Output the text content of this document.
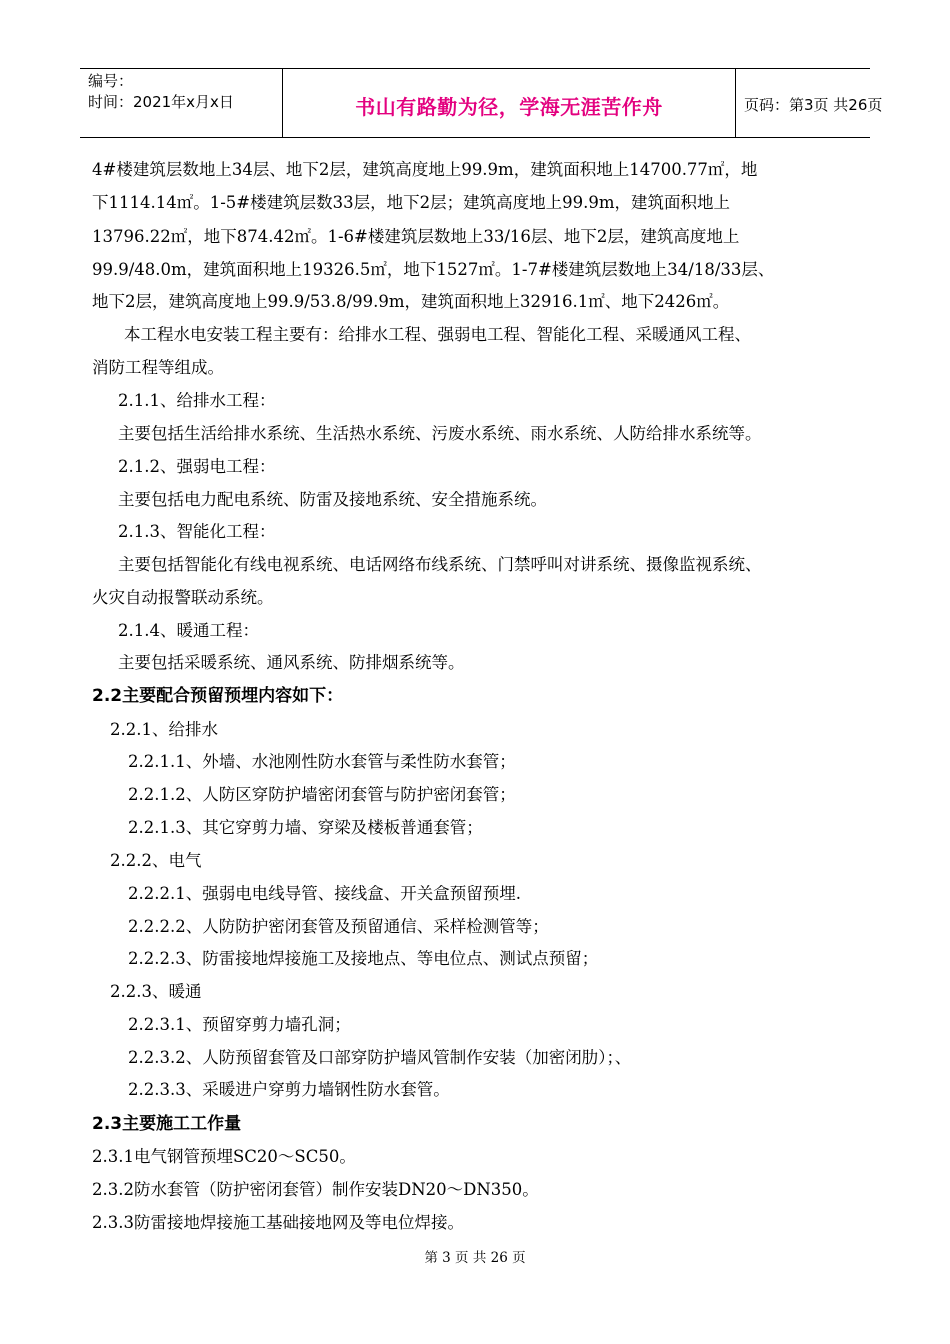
编号：
时间：2021年x月x日	书山有路勤为径，学海无涯苦作舟	页码：第3页 共26页
4#楼建筑层数地上34层、地下2层，建筑高度地上99.9m，建筑面积地上14700.77㎡，地
下1114.14㎡。1-5#楼建筑层数33层，地下2层；建筑高度地上99.9m，建筑面积地上
13796.22㎡，地下874.42㎡。1-6#楼建筑层数地上33/16层、地下2层，建筑高度地上
99.9/48.0m，建筑面积地上19326.5㎡，地下1527㎡。1-7#楼建筑层数地上34/18/33层、
地下2层，建筑高度地上99.9/53.8/99.9m，建筑面积地上32916.1㎡、地下2426㎡。
本工程水电安装工程主要有：给排水工程、强弱电工程、智能化工程、采暖通风工程、
消防工程等组成。
2.1.1、给排水工程：
主要包括生活给排水系统、生活热水系统、污废水系统、雨水系统、人防给排水系统等。
2.1.2、强弱电工程：
主要包括电力配电系统、防雷及接地系统、安全措施系统。
2.1.3、智能化工程：
主要包括智能化有线电视系统、电话网络布线系统、门禁呼叫对讲系统、摄像监视系统、
火灾自动报警联动系统。
2.1.4、暖通工程：
主要包括采暖系统、通风系统、防排烟系统等。
2.2主要配合预留预埋内容如下：
2.2.1、给排水
2.2.1.1、外墙、水池刚性防水套管与柔性防水套管；
2.2.1.2、人防区穿防护墙密闭套管与防护密闭套管；
2.2.1.3、其它穿剪力墙、穿梁及楼板普通套管；
2.2.2、电气
2.2.2.1、强弱电电线导管、接线盒、开关盒预留预埋.
2.2.2.2、人防防护密闭套管及预留通信、采样检测管等；
2.2.2.3、防雷接地焊接施工及接地点、等电位点、测试点预留；
2.2.3、暖通
2.2.3.1、预留穿剪力墙孔洞；
2.2.3.2、人防预留套管及口部穿防护墙风管制作安装（加密闭肋）；、
2.2.3.3、采暖进户穿剪力墙钢性防水套管。
2.3主要施工工作量
2.3.1电气钢管预埋SC20～SC50。
2.3.2防水套管（防护密闭套管）制作安装DN20～DN350。
2.3.3防雷接地焊接施工基础接地网及等电位焊接。
第 3 页 共 26 页
